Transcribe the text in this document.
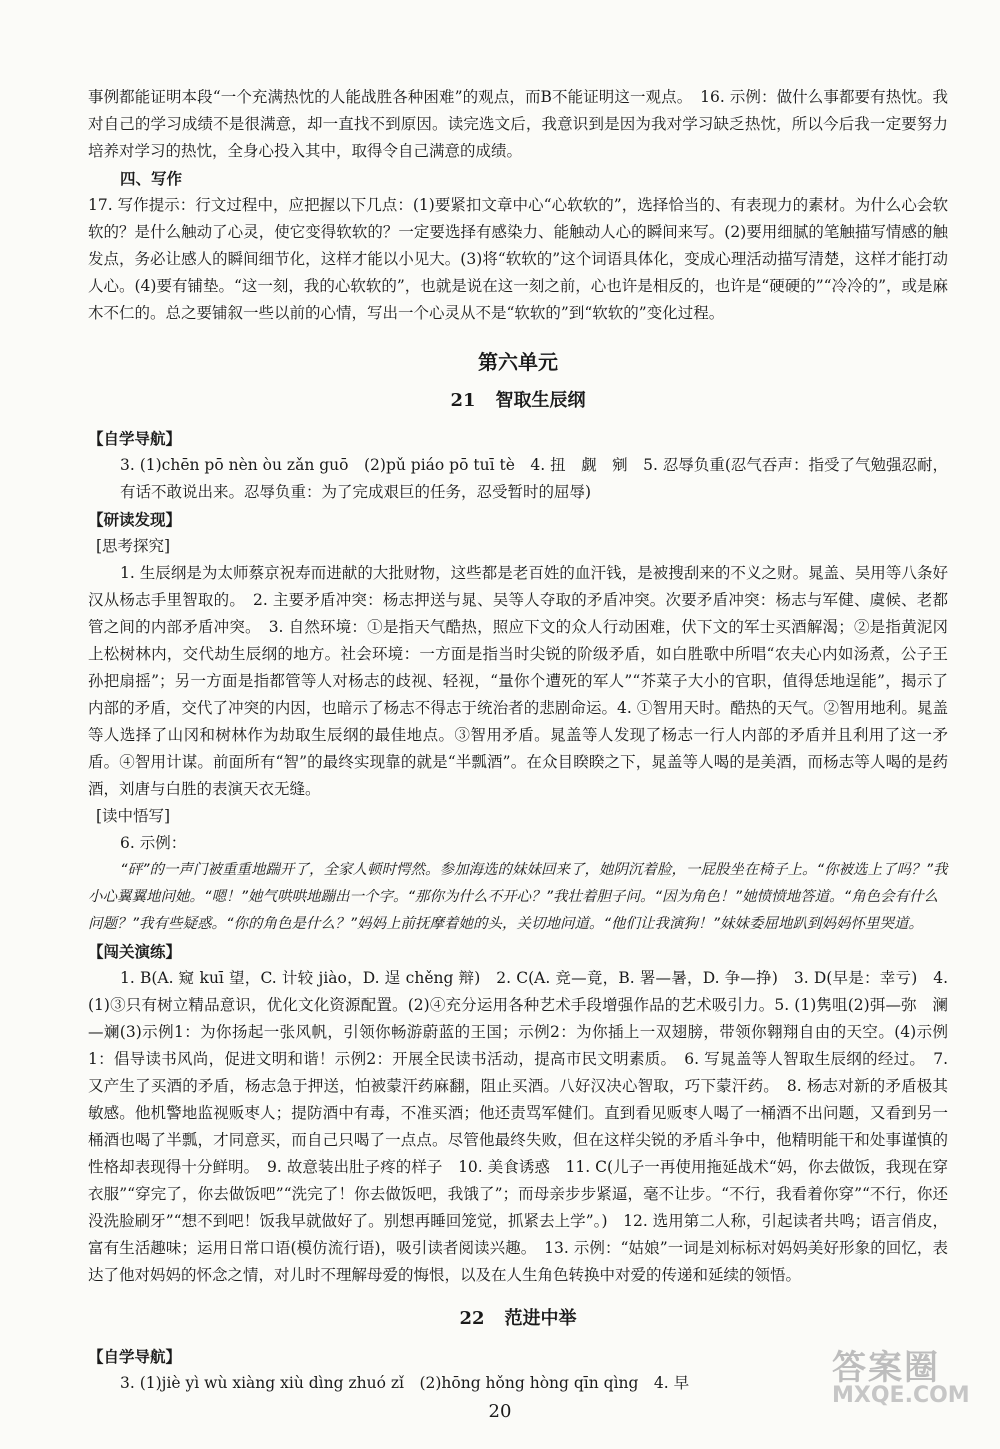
事例都能证明本段“一个充满热忱的人能战胜各种困难”的观点，而B不能证明这一观点。　16. 示例：做什么事都要有热忱。我对自己的学习成绩不是很满意，却一直找不到原因。读完选文后，我意识到是因为我对学习缺乏热忱，所以今后我一定要努力培养对学习的热忱，全身心投入其中，取得令自己满意的成绩。

四、写作

17. 写作提示：行文过程中，应把握以下几点：(1)要紧扣文章中心“心软软的”，选择恰当的、有表现力的素材。为什么心会软软的？是什么触动了心灵，使它变得软软的？一定要选择有感染力、能触动人心的瞬间来写。(2)要用细腻的笔触描写情感的触发点，务必让感人的瞬间细节化，这样才能以小见大。(3)将“软软的”这个词语具体化，变成心理活动描写清楚，这样才能打动人心。(4)要有铺垫。“这一刻，我的心软软的”，也就是说在这一刻之前，心也许是相反的，也许是“硬硬的”“冷冷的”，或是麻木不仁的。总之要铺叙一些以前的心情，写出一个心灵从不是“软软的”到“软软的”变化过程。

第六单元
21 智取生辰纲

【自学导航】

3. (1)chēn pō nèn òu zǎn guō　(2)pǔ piáo pō tuī tè　4. 扭　觑　剜　5. 忍辱负重(忍气吞声：指受了气勉强忍耐，有话不敢说出来。忍辱负重：为了完成艰巨的任务，忍受暂时的屈辱)

【研读发现】

[思考探究]

1. 生辰纲是为太师蔡京祝寿而进献的大批财物，这些都是老百姓的血汗钱，是被搜刮来的不义之财。晁盖、吴用等八条好汉从杨志手里智取的。　2. 主要矛盾冲突：杨志押送与晁、吴等人夺取的矛盾冲突。次要矛盾冲突：杨志与军健、虞候、老都管之间的内部矛盾冲突。　3. 自然环境：①是指天气酷热，照应下文的众人行动困难，伏下文的军士买酒解渴；②是指黄泥冈上松树林内，交代劫生辰纲的地方。社会环境：一方面是指当时尖锐的阶级矛盾，如白胜歌中所唱“农夫心内如汤煮，公子王孙把扇摇”；另一方面是指都管等人对杨志的歧视、轻视，“量你个遭死的军人”“芥菜子大小的官职，值得恁地逞能”，揭示了内部的矛盾，交代了冲突的内因，也暗示了杨志不得志于统治者的悲剧命运。4. ①智用天时。酷热的天气。②智用地利。晁盖等人选择了山冈和树林作为劫取生辰纲的最佳地点。③智用矛盾。晁盖等人发现了杨志一行人内部的矛盾并且利用了这一矛盾。④智用计谋。前面所有“智”的最终实现靠的就是“半瓢酒”。在众目睽睽之下，晁盖等人喝的是美酒，而杨志等人喝的是药酒，刘唐与白胜的表演天衣无缝。

[读中悟写]

6. 示例：

“砰”的一声门被重重地踹开了，全家人顿时愕然。参加海选的妹妹回来了，她阴沉着脸，一屁股坐在椅子上。“你被选上了吗？”我小心翼翼地问她。“嗯！”她气哄哄地蹦出一个字。“那你为什么不开心？”我壮着胆子问。“因为角色！”她愤愤地答道。“角色会有什么问题？”我有些疑惑。“你的角色是什么？”妈妈上前抚摩着她的头，关切地问道。“他们让我演狗！”妹妹委屈地趴到妈妈怀里哭道。

【闯关演练】

1. B(A. 窥 kuī 望，C. 计较 jiào，D. 逞 chěng 辩)　2. C(A. 竞—竟，B. 署—暑，D. 争—挣)　3. D(早是：幸亏)　4. (1)③只有树立精品意识，优化文化资源配置。(2)④充分运用各种艺术手段增强作品的艺术吸引力。5. (1)隽咀(2)弭—弥　澜—斓(3)示例1：为你扬起一张风帆，引领你畅游蔚蓝的王国；示例2：为你插上一双翅膀，带领你翱翔自由的天空。(4)示例1：倡导读书风尚，促进文明和谐！示例2：开展全民读书活动，提高市民文明素质。　6. 写晁盖等人智取生辰纲的经过。　7. 又产生了买酒的矛盾，杨志急于押送，怕被蒙汗药麻翻，阻止买酒。八好汉决心智取，巧下蒙汗药。　8. 杨志对新的矛盾极其敏感。他机警地监视贩枣人；提防酒中有毒，不准买酒；他还责骂军健们。直到看见贩枣人喝了一桶酒不出问题，又看到另一桶酒也喝了半瓢，才同意买，而自己只喝了一点点。尽管他最终失败，但在这样尖锐的矛盾斗争中，他精明能干和处事谨慎的性格却表现得十分鲜明。　9. 故意装出肚子疼的样子　10. 美食诱惑　11. C(儿子一再使用拖延战术“妈，你去做饭，我现在穿衣服”“穿完了，你去做饭吧”“洗完了！你去做饭吧，我饿了”；而母亲步步紧逼，毫不让步。“不行，我看着你穿”“不行，你还没洗脸刷牙”“想不到吧！饭我早就做好了。别想再睡回笼觉，抓紧去上学”。)　12. 选用第二人称，引起读者共鸣；语言俏皮，富有生活趣味；运用日常口语(模仿流行语)，吸引读者阅读兴趣。　13. 示例：“姑娘”一词是刘标标对妈妈美好形象的回忆，表达了他对妈妈的怀念之情，对儿时不理解母爱的悔恨，以及在人生角色转换中对爱的传递和延续的领悟。

22 范进中举

【自学导航】

3. (1)jiè yì wù xiàng xiù dìng zhuó zǐ　(2)hōng hǒng hòng qīn qìng　4. 早

20
答案圈
MXQE.COM
